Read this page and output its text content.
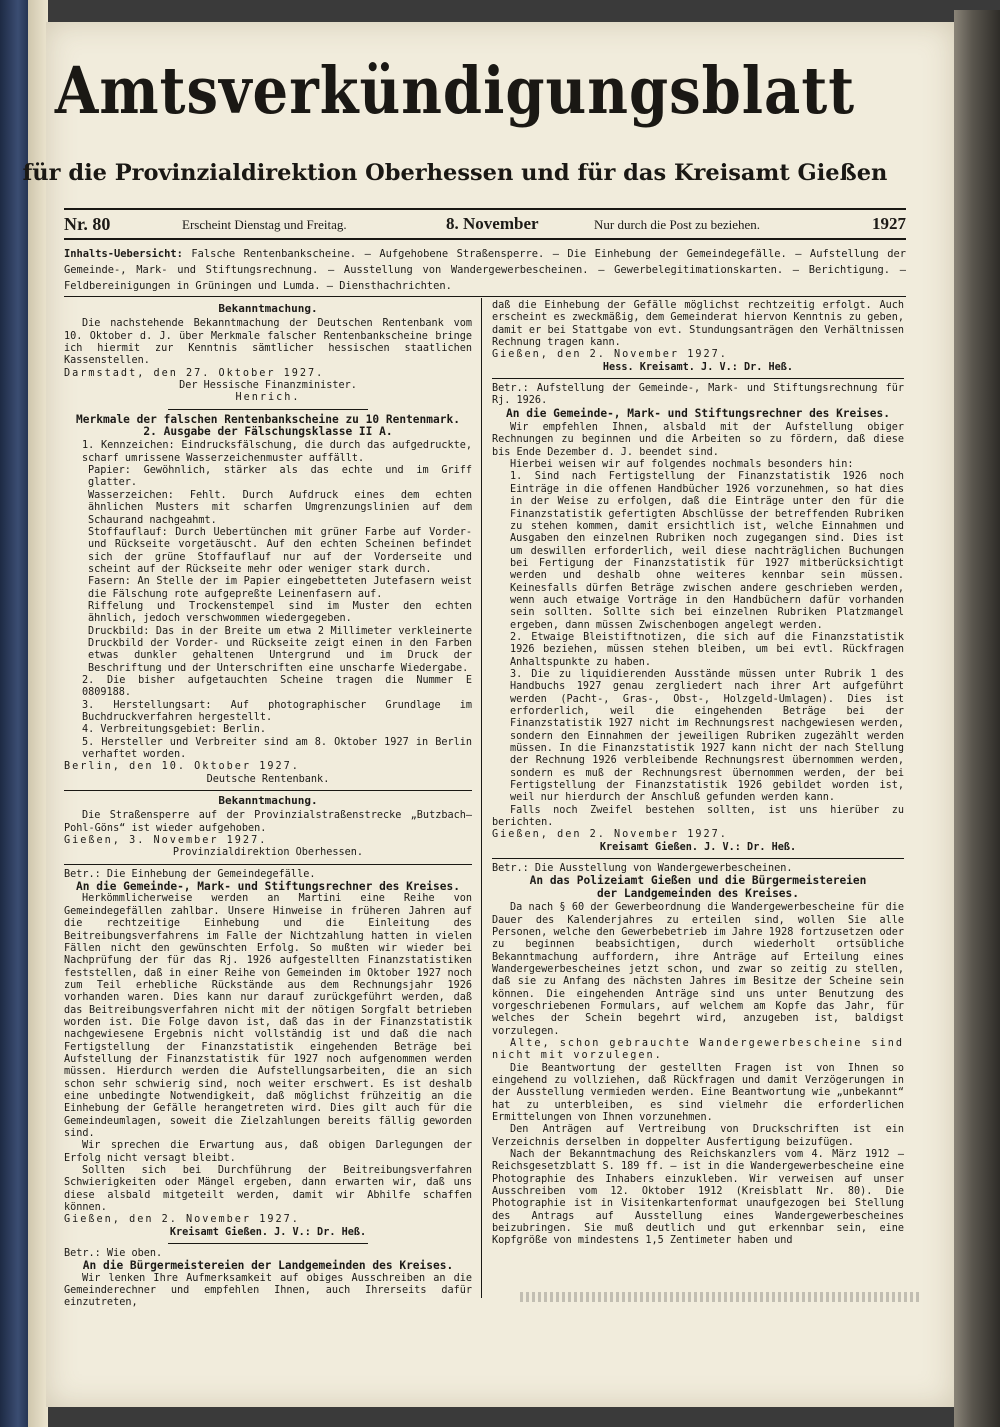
Amtsverkündigungsblatt
für die Provinzialdirektion Oberhessen und für das Kreisamt Gießen
Nr. 80	Erscheint Dienstag und Freitag.	8. November	Nur durch die Post zu beziehen.	1927
Inhalts-Uebersicht: Falsche Rentenbankscheine. — Aufgehobene Straßensperre. — Die Einhebung der Gemeindegefälle. — Aufstellung der Gemeinde-, Mark- und Stiftungsrechnung. — Ausstellung von Wandergewerbescheinen. — Gewerbelegitimationskarten. — Berichtigung. — Feldbereinigungen in Grüningen und Lumda. — Diensthachrichten.
Bekanntmachung.

Die nachstehende Bekanntmachung der Deutschen Rentenbank vom 10. Oktober d. J. über Merkmale falscher Rentenbankscheine bringe ich hiermit zur Kenntnis sämtlicher hessischen staatlichen Kassenstellen.

Darmstadt, den 27. Oktober 1927.

Der Hessische Finanzminister.

Henrich.

Merkmale der falschen Rentenbankscheine zu 10 Rentenmark.
2. Ausgabe der Fälschungsklasse II A.

1. Kennzeichen: Eindrucksfälschung, die durch das aufgedruckte, scharf umrissene Wasserzeichenmuster auffällt.

Papier: Gewöhnlich, stärker als das echte und im Griff glatter.

Wasserzeichen: Fehlt. Durch Aufdruck eines dem echten ähnlichen Musters mit scharfen Umgrenzungslinien auf dem Schaurand nachgeahmt.

Stoffauflauf: Durch Uebertünchen mit grüner Farbe auf Vorder- und Rückseite vorgetäuscht. Auf den echten Scheinen befindet sich der grüne Stoffauflauf nur auf der Vorderseite und scheint auf der Rückseite mehr oder weniger stark durch.

Fasern: An Stelle der im Papier eingebetteten Jutefasern weist die Fälschung rote aufgepreßte Leinenfasern auf.

Riffelung und Trockenstempel sind im Muster den echten ähnlich, jedoch verschwommen wiedergegeben.

Druckbild: Das in der Breite um etwa 2 Millimeter verkleinerte Druckbild der Vorder- und Rückseite zeigt einen in den Farben etwas dunkler gehaltenen Untergrund und im Druck der Beschriftung und der Unterschriften eine unscharfe Wiedergabe.

2. Die bisher aufgetauchten Scheine tragen die Nummer E 0809188.

3. Herstellungsart: Auf photographischer Grundlage im Buchdruckverfahren hergestellt.

4. Verbreitungsgebiet: Berlin.

5. Hersteller und Verbreiter sind am 8. Oktober 1927 in Berlin verhaftet worden.

Berlin, den 10. Oktober 1927.

Deutsche Rentenbank.

Bekanntmachung.

Die Straßensperre auf der Provinzialstraßenstrecke „Butzbach—Pohl-Göns“ ist wieder aufgehoben.

Gießen, 3. November 1927.

Provinzialdirektion Oberhessen.

Betr.: Die Einhebung der Gemeindegefälle.

An die Gemeinde-, Mark- und Stiftungsrechner des Kreises.

Herkömmlicherweise werden an Martini eine Reihe von Gemeindegefällen zahlbar. Unsere Hinweise in früheren Jahren auf die rechtzeitige Einhebung und die Einleitung des Beitreibungsverfahrens im Falle der Nichtzahlung hatten in vielen Fällen nicht den gewünschten Erfolg. So mußten wir wieder bei Nachprüfung der für das Rj. 1926 aufgestellten Finanzstatistiken feststellen, daß in einer Reihe von Gemeinden im Oktober 1927 noch zum Teil erhebliche Rückstände aus dem Rechnungsjahr 1926 vorhanden waren. Dies kann nur darauf zurückgeführt werden, daß das Beitreibungsverfahren nicht mit der nötigen Sorgfalt betrieben worden ist. Die Folge davon ist, daß das in der Finanzstatistik nachgewiesene Ergebnis nicht vollständig ist und daß die nach Fertigstellung der Finanzstatistik eingehenden Beträge bei Aufstellung der Finanzstatistik für 1927 noch aufgenommen werden müssen. Hierdurch werden die Aufstellungsarbeiten, die an sich schon sehr schwierig sind, noch weiter erschwert. Es ist deshalb eine unbedingte Notwendigkeit, daß möglichst frühzeitig an die Einhebung der Gefälle herangetreten wird. Dies gilt auch für die Gemeindeumlagen, soweit die Zielzahlungen bereits fällig geworden sind.

Wir sprechen die Erwartung aus, daß obigen Darlegungen der Erfolg nicht versagt bleibt.

Sollten sich bei Durchführung der Beitreibungsverfahren Schwierigkeiten oder Mängel ergeben, dann erwarten wir, daß uns diese alsbald mitgeteilt werden, damit wir Abhilfe schaffen können.

Gießen, den 2. November 1927.

Kreisamt Gießen. J. V.: Dr. Heß.

Betr.: Wie oben.

An die Bürgermeistereien der Landgemeinden des Kreises.

Wir lenken Ihre Aufmerksamkeit auf obiges Ausschreiben an die Gemeinderechner und empfehlen Ihnen, auch Ihrerseits dafür einzutreten,

daß die Einhebung der Gefälle möglichst rechtzeitig erfolgt. Auch erscheint es zweckmäßig, dem Gemeinderat hiervon Kenntnis zu geben, damit er bei Stattgabe von evt. Stundungsanträgen den Verhältnissen Rechnung tragen kann.

Gießen, den 2. November 1927.

Hess. Kreisamt. J. V.: Dr. Heß.

Betr.: Aufstellung der Gemeinde-, Mark- und Stiftungsrechnung für Rj. 1926.

An die Gemeinde-, Mark- und Stiftungsrechner des Kreises.

Wir empfehlen Ihnen, alsbald mit der Aufstellung obiger Rechnungen zu beginnen und die Arbeiten so zu fördern, daß diese bis Ende Dezember d. J. beendet sind.

Hierbei weisen wir auf folgendes nochmals besonders hin:

1. Sind nach Fertigstellung der Finanzstatistik 1926 noch Einträge in die offenen Handbücher 1926 vorzunehmen, so hat dies in der Weise zu erfolgen, daß die Einträge unter den für die Finanzstatistik gefertigten Abschlüsse der betreffenden Rubriken zu stehen kommen, damit ersichtlich ist, welche Einnahmen und Ausgaben den einzelnen Rubriken noch zugegangen sind. Dies ist um deswillen erforderlich, weil diese nachträglichen Buchungen bei Fertigung der Finanzstatistik für 1927 mitberücksichtigt werden und deshalb ohne weiteres kennbar sein müssen. Keinesfalls dürfen Beträge zwischen andere geschrieben werden, wenn auch etwaige Vorträge in den Handbüchern dafür vorhanden sein sollten. Sollte sich bei einzelnen Rubriken Platzmangel ergeben, dann müssen Zwischenbogen angelegt werden.

2. Etwaige Bleistiftnotizen, die sich auf die Finanzstatistik 1926 beziehen, müssen stehen bleiben, um bei evtl. Rückfragen Anhaltspunkte zu haben.

3. Die zu liquidierenden Ausstände müssen unter Rubrik 1 des Handbuchs 1927 genau zergliedert nach ihrer Art aufgeführt werden (Pacht-, Gras-, Obst-, Holzgeld-Umlagen). Dies ist erforderlich, weil die eingehenden Beträge bei der Finanzstatistik 1927 nicht im Rechnungsrest nachgewiesen werden, sondern den Einnahmen der jeweiligen Rubriken zugezählt werden müssen. In die Finanzstatistik 1927 kann nicht der nach Stellung der Rechnung 1926 verbleibende Rechnungsrest übernommen werden, sondern es muß der Rechnungsrest übernommen werden, der bei Fertigstellung der Finanzstatistik 1926 gebildet worden ist, weil nur hierdurch der Anschluß gefunden werden kann.

Falls noch Zweifel bestehen sollten, ist uns hierüber zu berichten.

Gießen, den 2. November 1927.

Kreisamt Gießen. J. V.: Dr. Heß.

Betr.: Die Ausstellung von Wandergewerbescheinen.

An das Polizeiamt Gießen und die Bürgermeistereien
der Landgemeinden des Kreises.

Da nach § 60 der Gewerbeordnung die Wandergewerbescheine für die Dauer des Kalenderjahres zu erteilen sind, wollen Sie alle Personen, welche den Gewerbebetrieb im Jahre 1928 fortzusetzen oder zu beginnen beabsichtigen, durch wiederholt ortsübliche Bekanntmachung auffordern, ihre Anträge auf Erteilung eines Wandergewerbescheines jetzt schon, und zwar so zeitig zu stellen, daß sie zu Anfang des nächsten Jahres im Besitze der Scheine sein können. Die eingehenden Anträge sind uns unter Benutzung des vorgeschriebenen Formulars, auf welchem am Kopfe das Jahr, für welches der Schein begehrt wird, anzugeben ist, baldigst vorzulegen.

Alte, schon gebrauchte Wandergewerbescheine sind nicht mit vorzulegen.

Die Beantwortung der gestellten Fragen ist von Ihnen so eingehend zu vollziehen, daß Rückfragen und damit Verzögerungen in der Ausstellung vermieden werden. Eine Beantwortung wie „unbekannt“ hat zu unterbleiben, es sind vielmehr die erforderlichen Ermittelungen von Ihnen vorzunehmen.

Den Anträgen auf Vertreibung von Druckschriften ist ein Verzeichnis derselben in doppelter Ausfertigung beizufügen.

Nach der Bekanntmachung des Reichskanzlers vom 4. März 1912 — Reichsgesetzblatt S. 189 ff. — ist in die Wandergewerbescheine eine Photographie des Inhabers einzukleben. Wir verweisen auf unser Ausschreiben vom 12. Oktober 1912 (Kreisblatt Nr. 80). Die Photographie ist in Visitenkartenformat unaufgezogen bei Stellung des Antrags auf Ausstellung eines Wandergewerbescheines beizubringen. Sie muß deutlich und gut erkennbar sein, eine Kopfgröße von mindestens 1,5 Zentimeter haben und
